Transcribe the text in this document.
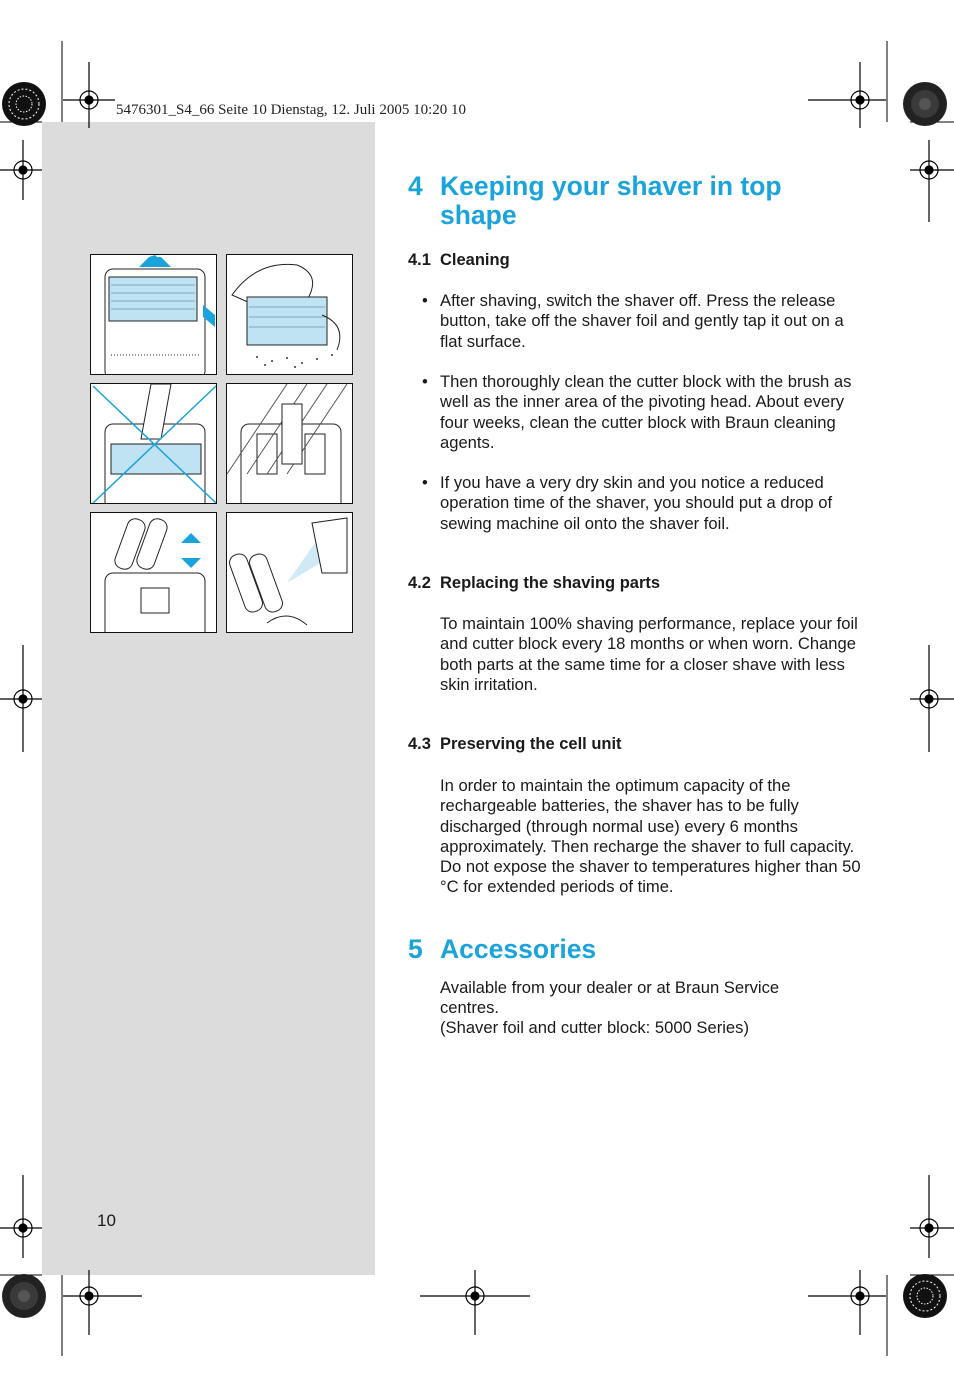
5476301_S4_66 Seite 10 Dienstag, 12. Juli 2005 10:20 10
4 Keeping your shaver in top shape
4.1 Cleaning
• After shaving, switch the shaver off. Press the release button, take off the shaver foil and gently tap it out on a flat surface.
• Then thoroughly clean the cutter block with the brush as well as the inner area of the pivoting head. About every four weeks, clean the cutter block with Braun cleaning agents.
• If you have a very dry skin and you notice a reduced operation time of the shaver, you should put a drop of sewing machine oil onto the shaver foil.
4.2 Replacing the shaving parts

To maintain 100% shaving performance, replace your foil and cutter block every 18 months or when worn. Change both parts at the same time for a closer shave with less skin irritation.

4.3 Preserving the cell unit

In order to maintain the optimum capacity of the rechargeable batteries, the shaver has to be fully discharged (through normal use) every 6 months approximately. Then recharge the shaver to full capacity. Do not expose the shaver to temperatures higher than 50 °C for extended periods of time.

5 Accessories

Available from your dealer or at Braun Service centres.

(Shaver foil and cutter block: 5000 Series)

10
